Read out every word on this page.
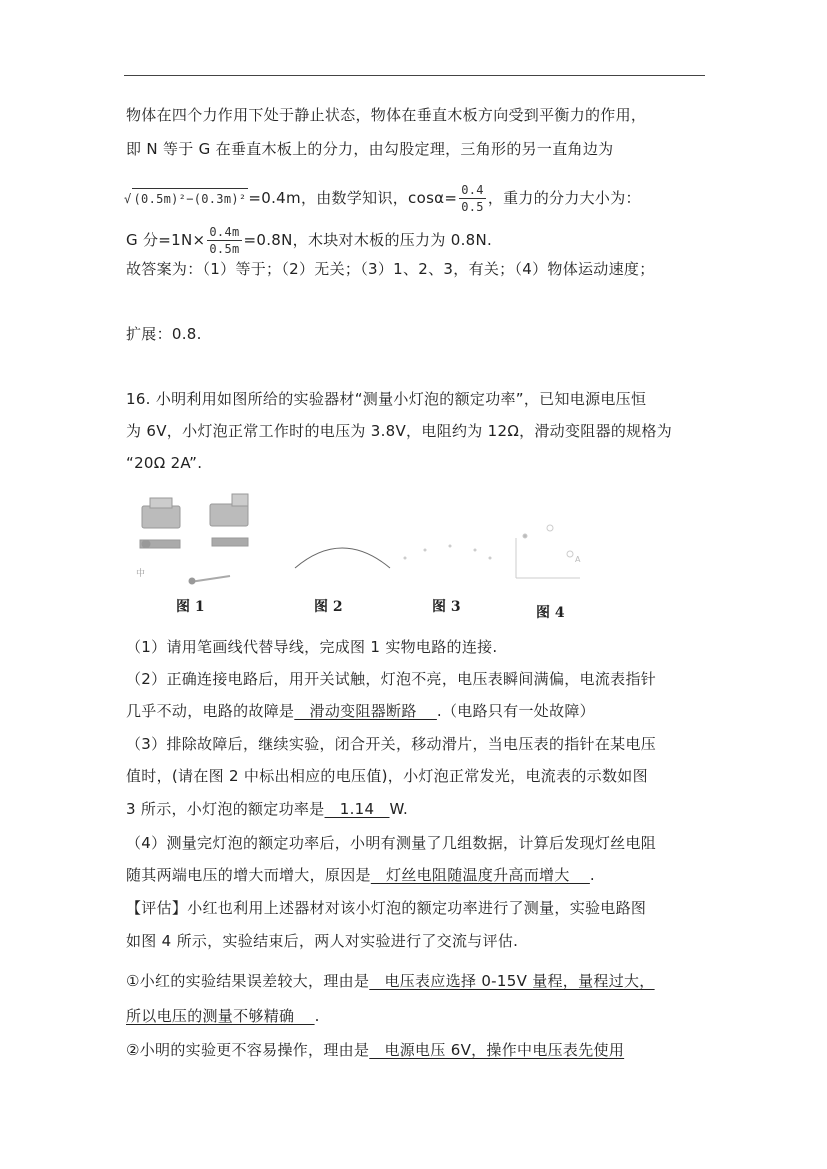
物体在四个力作用下处于静止状态，物体在垂直木板方向受到平衡力的作用，
即 N 等于 G 在垂直木板上的分力，由勾股定理，三角形的另一直角边为
√ (0.5m)²−(0.3m)² =0.4m，由数学知识，$\cos\alpha= \frac{0.4}{0.5}$ ，重力的分力大小为：
G 分$=1N\times \frac{0.4m}{0.5m} =0.8N$，木块对木板的压力为 0.8N.
故答案为：（1）等于；（2）无关；（3）1、2、3，有关；（4）物体运动速度；
扩展：0.8.
16. 小明利用如图所给的实验器材“测量小灯泡的额定功率”，已知电源电压恒
为 6V，小灯泡正常工作时的电压为 3.8V，电阻约为 12Ω，滑动变阻器的规格为
“20Ω 2A”.
中
A
图 1	图 2	图 3	图 4
（1）请用笔画线代替导线，完成图 1 实物电路的连接.
（2）正确连接电路后，用开关试触，灯泡不亮，电压表瞬间满偏，电流表指针
几乎不动，电路的故障是   滑动变阻器断路    .（电路只有一处故障）
（3）排除故障后，继续实验，闭合开关，移动滑片，当电压表的指针在某电压
值时，(请在图 2 中标出相应的电压值)，小灯泡正常发光，电流表的示数如图
3 所示，小灯泡的额定功率是   1.14   W.
（4）测量完灯泡的额定功率后，小明有测量了几组数据，计算后发现灯丝电阻
随其两端电压的增大而增大，原因是   灯丝电阻随温度升高而增大    .
【评估】小红也利用上述器材对该小灯泡的额定功率进行了测量，实验电路图
如图 4 所示，实验结束后，两人对实验进行了交流与评估.
①小红的实验结果误差较大，理由是   电压表应选择 0-15V 量程，量程过大，
所以电压的测量不够精确    .
②小明的实验更不容易操作，理由是   电源电压 6V，操作中电压表先使用
